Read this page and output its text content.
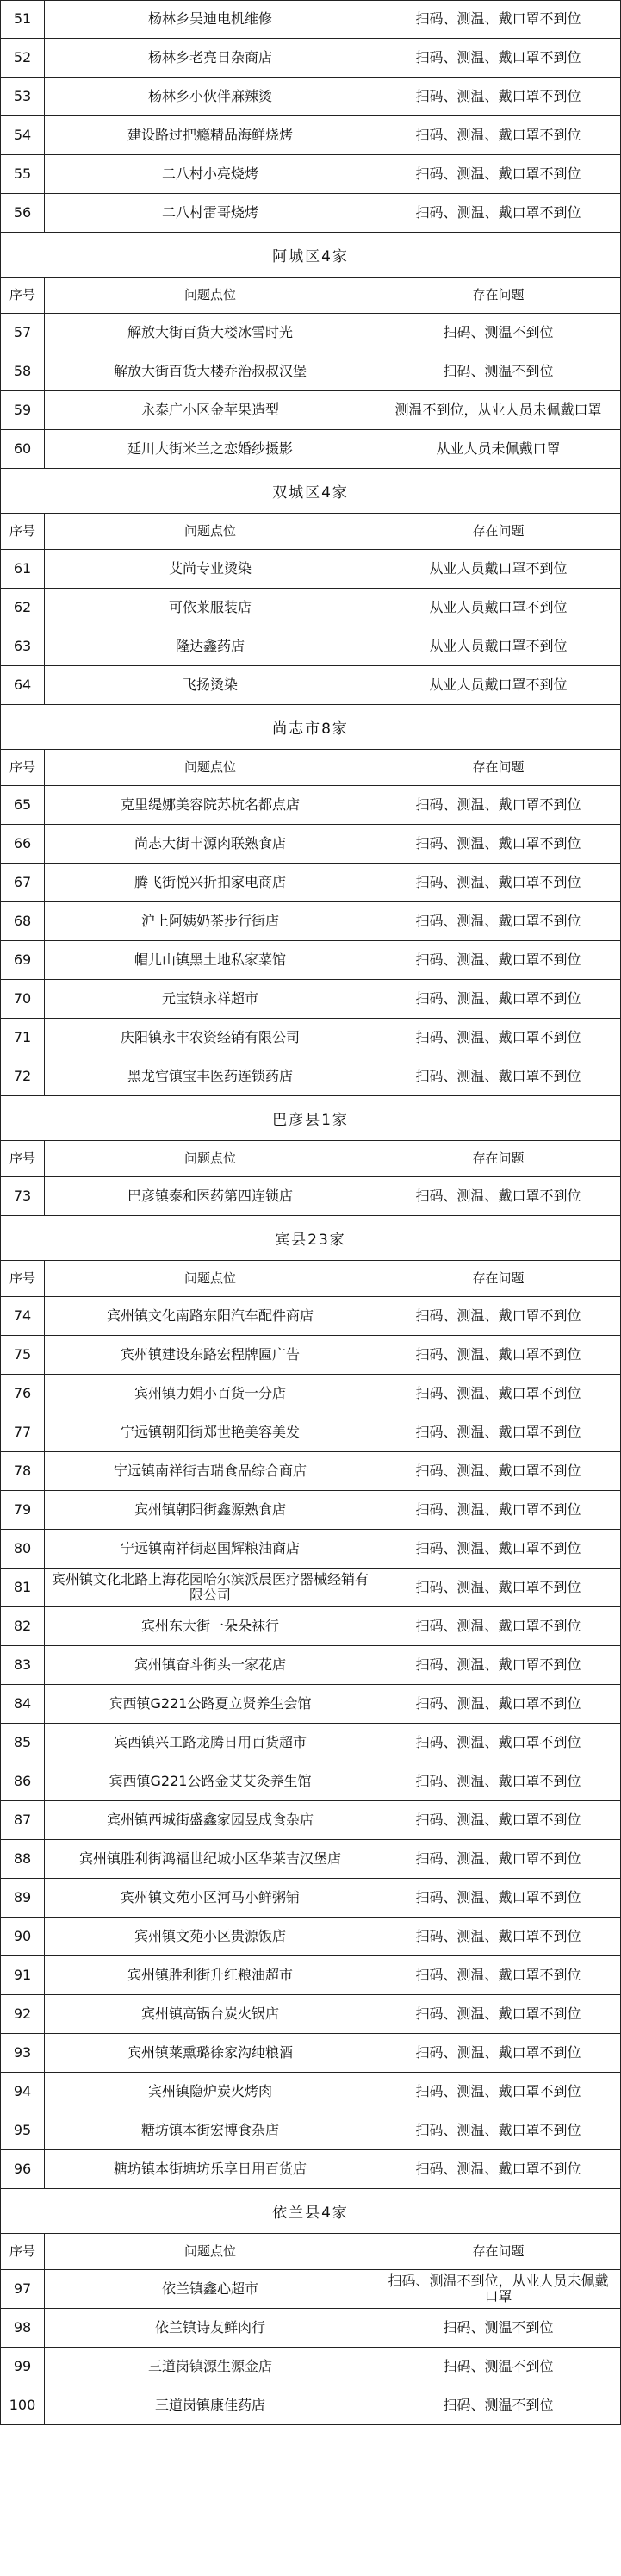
51	杨林乡吴迪电机维修	扫码、测温、戴口罩不到位
52	杨林乡老亮日杂商店	扫码、测温、戴口罩不到位
53	杨林乡小伙伴麻辣烫	扫码、测温、戴口罩不到位
54	建设路过把瘾精品海鲜烧烤	扫码、测温、戴口罩不到位
55	二八村小亮烧烤	扫码、测温、戴口罩不到位
56	二八村雷哥烧烤	扫码、测温、戴口罩不到位
阿城区4家
序号	问题点位	存在问题
57	解放大街百货大楼冰雪时光	扫码、测温不到位
58	解放大街百货大楼乔治叔叔汉堡	扫码、测温不到位
59	永泰广小区金苹果造型	测温不到位，从业人员未佩戴口罩
60	延川大街米兰之恋婚纱摄影	从业人员未佩戴口罩
双城区4家
序号	问题点位	存在问题
61	艾尚专业烫染	从业人员戴口罩不到位
62	可依莱服装店	从业人员戴口罩不到位
63	隆达鑫药店	从业人员戴口罩不到位
64	飞扬烫染	从业人员戴口罩不到位
尚志市8家
序号	问题点位	存在问题
65	克里缇娜美容院苏杭名都点店	扫码、测温、戴口罩不到位
66	尚志大街丰源肉联熟食店	扫码、测温、戴口罩不到位
67	腾飞街悦兴折扣家电商店	扫码、测温、戴口罩不到位
68	沪上阿姨奶茶步行街店	扫码、测温、戴口罩不到位
69	帽儿山镇黑土地私家菜馆	扫码、测温、戴口罩不到位
70	元宝镇永祥超市	扫码、测温、戴口罩不到位
71	庆阳镇永丰农资经销有限公司	扫码、测温、戴口罩不到位
72	黑龙宫镇宝丰医药连锁药店	扫码、测温、戴口罩不到位
巴彦县1家
序号	问题点位	存在问题
73	巴彦镇泰和医药第四连锁店	扫码、测温、戴口罩不到位
宾县23家
序号	问题点位	存在问题
74	宾州镇文化南路东阳汽车配件商店	扫码、测温、戴口罩不到位
75	宾州镇建设东路宏程牌匾广告	扫码、测温、戴口罩不到位
76	宾州镇力娟小百货一分店	扫码、测温、戴口罩不到位
77	宁远镇朝阳街郑世艳美容美发	扫码、测温、戴口罩不到位
78	宁远镇南祥街吉瑞食品综合商店	扫码、测温、戴口罩不到位
79	宾州镇朝阳街鑫源熟食店	扫码、测温、戴口罩不到位
80	宁远镇南祥街赵国辉粮油商店	扫码、测温、戴口罩不到位
81	宾州镇文化北路上海花园哈尔滨派晨医疗器械经销有限公司	扫码、测温、戴口罩不到位
82	宾州东大街一朵朵袜行	扫码、测温、戴口罩不到位
83	宾州镇奋斗街头一家花店	扫码、测温、戴口罩不到位
84	宾西镇G221公路夏立贤养生会馆	扫码、测温、戴口罩不到位
85	宾西镇兴工路龙腾日用百货超市	扫码、测温、戴口罩不到位
86	宾西镇G221公路金艾艾灸养生馆	扫码、测温、戴口罩不到位
87	宾州镇西城街盛鑫家园昱成食杂店	扫码、测温、戴口罩不到位
88	宾州镇胜利街鸿福世纪城小区华莱吉汉堡店	扫码、测温、戴口罩不到位
89	宾州镇文苑小区河马小鲜粥铺	扫码、测温、戴口罩不到位
90	宾州镇文苑小区贵源饭店	扫码、测温、戴口罩不到位
91	宾州镇胜利街升红粮油超市	扫码、测温、戴口罩不到位
92	宾州镇高锅台炭火锅店	扫码、测温、戴口罩不到位
93	宾州镇莱熏璐徐家沟纯粮酒	扫码、测温、戴口罩不到位
94	宾州镇隐炉炭火烤肉	扫码、测温、戴口罩不到位
95	糖坊镇本街宏博食杂店	扫码、测温、戴口罩不到位
96	糖坊镇本街塘坊乐享日用百货店	扫码、测温、戴口罩不到位
依兰县4家
序号	问题点位	存在问题
97	依兰镇鑫心超市	扫码、测温不到位，从业人员未佩戴口罩
98	依兰镇诗友鲜肉行	扫码、测温不到位
99	三道岗镇源生源金店	扫码、测温不到位
100	三道岗镇康佳药店	扫码、测温不到位
